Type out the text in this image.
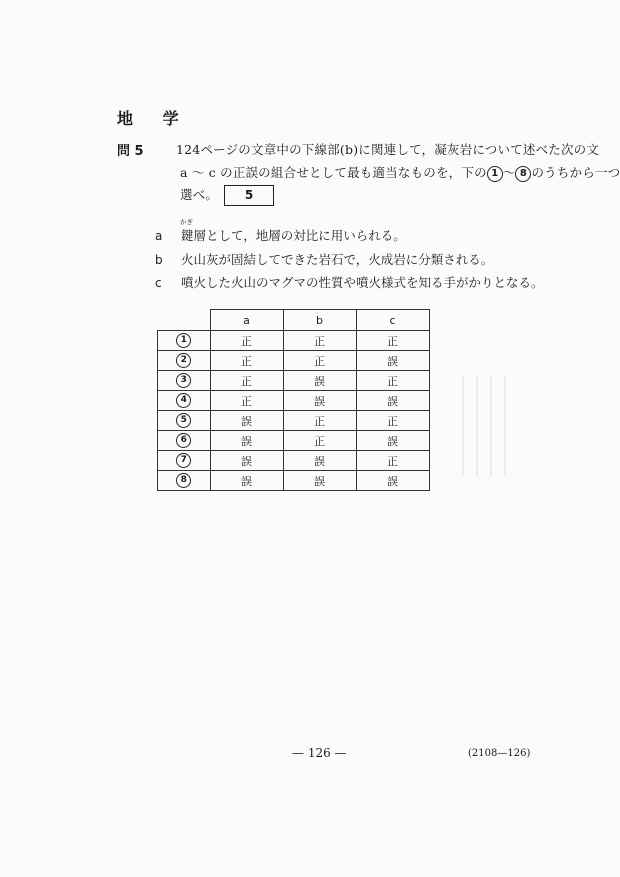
地 学
問 5	124ページの文章中の下線部(b)に関連して，凝灰岩について述べた次の文
a ～ c の正誤の組合せとして最も適当なものを，下の 1 ～ 8 のうちから一つ
選べ。 5
a
かぎ
鍵層として，地層の対比に用いられる。
b 火山灰が固結してできた岩石で，火成岩に分類される。
c 噴火した火山のマグマの性質や噴火様式を知る手がかりとなる。
	a	b	c
1	正	正	正
2	正	正	誤
3	正	誤	正
4	正	誤	誤
5	誤	正	正
6	誤	正	誤
7	誤	誤	正
8	誤	誤	誤
— 126 —	(2108—126)
